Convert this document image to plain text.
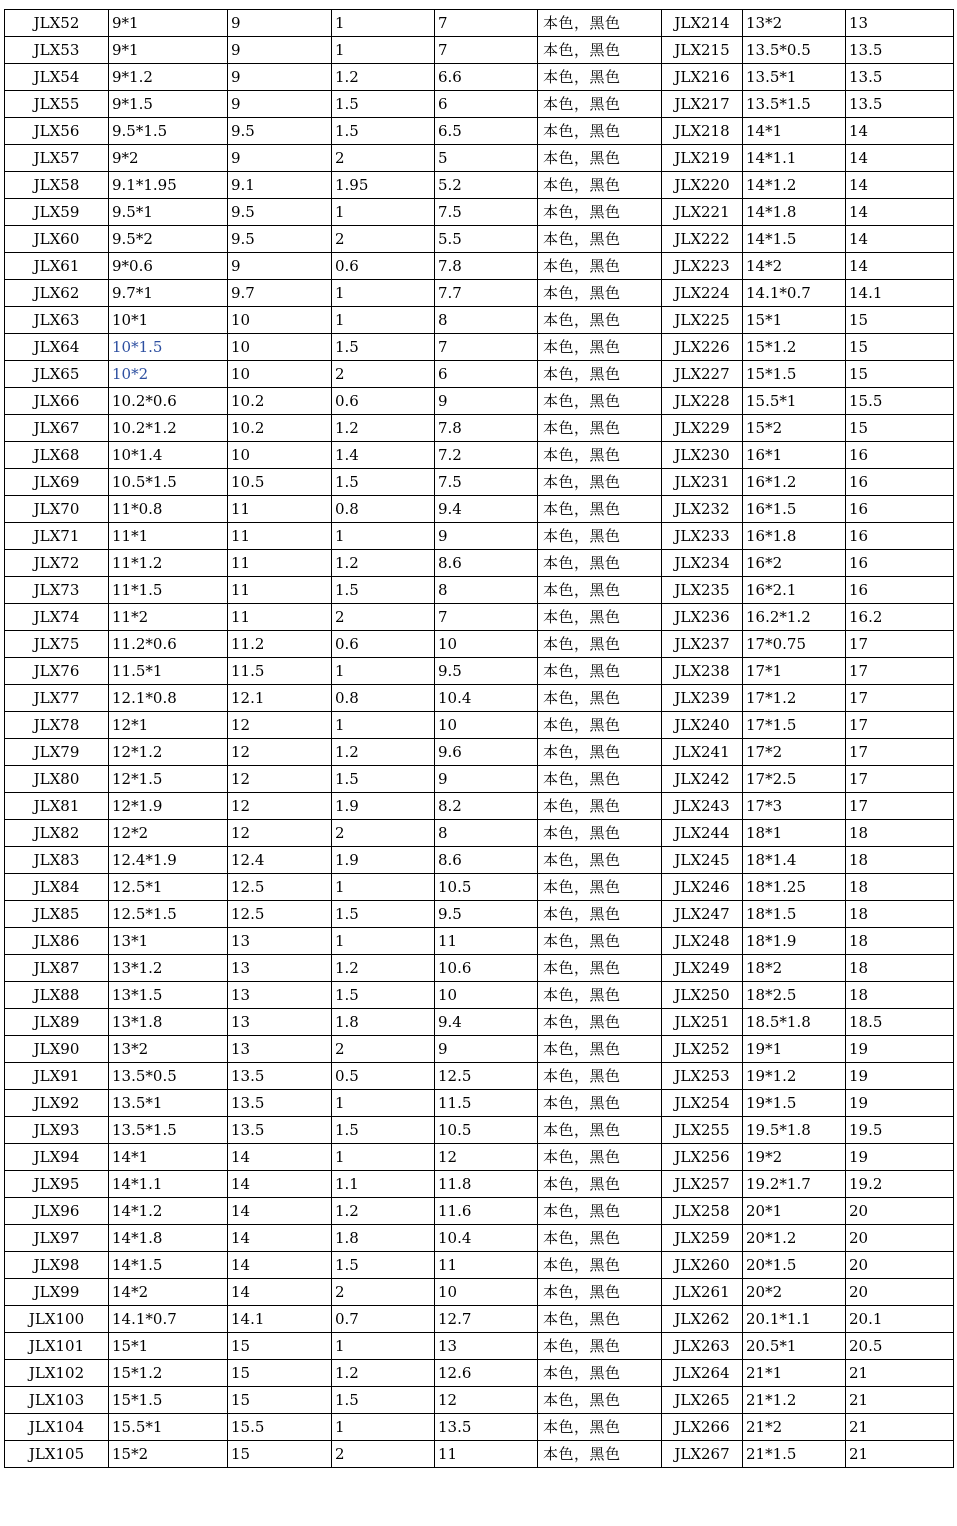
JLX52	9*1	9	1	7	本色，黑色	JLX214	13*2	13
JLX53	9*1	9	1	7	本色，黑色	JLX215	13.5*0.5	13.5
JLX54	9*1.2	9	1.2	6.6	本色，黑色	JLX216	13.5*1	13.5
JLX55	9*1.5	9	1.5	6	本色，黑色	JLX217	13.5*1.5	13.5
JLX56	9.5*1.5	9.5	1.5	6.5	本色，黑色	JLX218	14*1	14
JLX57	9*2	9	2	5	本色，黑色	JLX219	14*1.1	14
JLX58	9.1*1.95	9.1	1.95	5.2	本色，黑色	JLX220	14*1.2	14
JLX59	9.5*1	9.5	1	7.5	本色，黑色	JLX221	14*1.8	14
JLX60	9.5*2	9.5	2	5.5	本色，黑色	JLX222	14*1.5	14
JLX61	9*0.6	9	0.6	7.8	本色，黑色	JLX223	14*2	14
JLX62	9.7*1	9.7	1	7.7	本色，黑色	JLX224	14.1*0.7	14.1
JLX63	10*1	10	1	8	本色，黑色	JLX225	15*1	15
JLX64	10*1.5	10	1.5	7	本色，黑色	JLX226	15*1.2	15
JLX65	10*2	10	2	6	本色，黑色	JLX227	15*1.5	15
JLX66	10.2*0.6	10.2	0.6	9	本色，黑色	JLX228	15.5*1	15.5
JLX67	10.2*1.2	10.2	1.2	7.8	本色，黑色	JLX229	15*2	15
JLX68	10*1.4	10	1.4	7.2	本色，黑色	JLX230	16*1	16
JLX69	10.5*1.5	10.5	1.5	7.5	本色，黑色	JLX231	16*1.2	16
JLX70	11*0.8	11	0.8	9.4	本色，黑色	JLX232	16*1.5	16
JLX71	11*1	11	1	9	本色，黑色	JLX233	16*1.8	16
JLX72	11*1.2	11	1.2	8.6	本色，黑色	JLX234	16*2	16
JLX73	11*1.5	11	1.5	8	本色，黑色	JLX235	16*2.1	16
JLX74	11*2	11	2	7	本色，黑色	JLX236	16.2*1.2	16.2
JLX75	11.2*0.6	11.2	0.6	10	本色，黑色	JLX237	17*0.75	17
JLX76	11.5*1	11.5	1	9.5	本色，黑色	JLX238	17*1	17
JLX77	12.1*0.8	12.1	0.8	10.4	本色，黑色	JLX239	17*1.2	17
JLX78	12*1	12	1	10	本色，黑色	JLX240	17*1.5	17
JLX79	12*1.2	12	1.2	9.6	本色，黑色	JLX241	17*2	17
JLX80	12*1.5	12	1.5	9	本色，黑色	JLX242	17*2.5	17
JLX81	12*1.9	12	1.9	8.2	本色，黑色	JLX243	17*3	17
JLX82	12*2	12	2	8	本色，黑色	JLX244	18*1	18
JLX83	12.4*1.9	12.4	1.9	8.6	本色，黑色	JLX245	18*1.4	18
JLX84	12.5*1	12.5	1	10.5	本色，黑色	JLX246	18*1.25	18
JLX85	12.5*1.5	12.5	1.5	9.5	本色，黑色	JLX247	18*1.5	18
JLX86	13*1	13	1	11	本色，黑色	JLX248	18*1.9	18
JLX87	13*1.2	13	1.2	10.6	本色，黑色	JLX249	18*2	18
JLX88	13*1.5	13	1.5	10	本色，黑色	JLX250	18*2.5	18
JLX89	13*1.8	13	1.8	9.4	本色，黑色	JLX251	18.5*1.8	18.5
JLX90	13*2	13	2	9	本色，黑色	JLX252	19*1	19
JLX91	13.5*0.5	13.5	0.5	12.5	本色，黑色	JLX253	19*1.2	19
JLX92	13.5*1	13.5	1	11.5	本色，黑色	JLX254	19*1.5	19
JLX93	13.5*1.5	13.5	1.5	10.5	本色，黑色	JLX255	19.5*1.8	19.5
JLX94	14*1	14	1	12	本色，黑色	JLX256	19*2	19
JLX95	14*1.1	14	1.1	11.8	本色，黑色	JLX257	19.2*1.7	19.2
JLX96	14*1.2	14	1.2	11.6	本色，黑色	JLX258	20*1	20
JLX97	14*1.8	14	1.8	10.4	本色，黑色	JLX259	20*1.2	20
JLX98	14*1.5	14	1.5	11	本色，黑色	JLX260	20*1.5	20
JLX99	14*2	14	2	10	本色，黑色	JLX261	20*2	20
JLX100	14.1*0.7	14.1	0.7	12.7	本色，黑色	JLX262	20.1*1.1	20.1
JLX101	15*1	15	1	13	本色，黑色	JLX263	20.5*1	20.5
JLX102	15*1.2	15	1.2	12.6	本色，黑色	JLX264	21*1	21
JLX103	15*1.5	15	1.5	12	本色，黑色	JLX265	21*1.2	21
JLX104	15.5*1	15.5	1	13.5	本色，黑色	JLX266	21*2	21
JLX105	15*2	15	2	11	本色，黑色	JLX267	21*1.5	21
